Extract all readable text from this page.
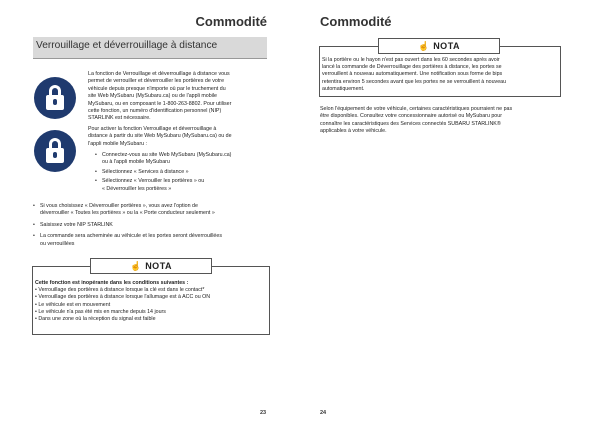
Commodité
Verrouillage et déverrouillage à distance
La fonction de Verrouillage et déverrouillage à distance vous
permet de verrouiller et déverrouiller les portières de votre
véhicule depuis presque n'importe où par le truchement du
site Web MySubaru (MySubaru.ca) ou de l'appli mobile
MySubaru, ou en composant le 1-800-263-8802. Pour utiliser
cette fonction, un numéro d'identification personnel (NIP)
STARLINK est nécessaire.
Pour activer la fonction Verrouillage et déverrouillage à
distance à partir du site Web MySubaru (MySubaru.ca) ou de
l'appli mobile MySubaru :
• Connectez-vous au site Web MySubaru (MySubaru.ca)
ou à l'appli mobile MySubaru
• Sélectionnez « Services à distance »
• Sélectionnez « Verrouiller les portières » ou
« Déverrouiller les portières »
• Si vous choisissez « Déverrouiller portières », vous avez l'option de
déverrouiller « Toutes les portières » ou la « Porte conducteur seulement »
• Saisissez votre NIP STARLINK
• La commande sera acheminée au véhicule et les portes seront déverrouillées
ou verrouillées
☝ NOTA
Cette fonction est inopérante dans les conditions suivantes :
• Verrouillage des portières à distance lorsque la clé est dans le contact*
• Verrouillage des portières à distance lorsque l'allumage est à ACC ou ON
• Le véhicule est en mouvement
• Le véhicule n'a pas été mis en marche depuis 14 jours
• Dans une zone où la réception du signal est faible
23
Commodité
☝ NOTA
Si la portière ou le hayon n'est pas ouvert dans les 60 secondes après avoir
lancé la commande de Déverrouillage des portières à distance, les portes se
verrouillent à nouveau automatiquement. Une notification sous forme de bips
retentira environ 5 secondes avant que les portes ne se verrouillent à nouveau
automatiquement.
Selon l'équipement de votre véhicule, certaines caractéristiques pourraient ne pas
être disponibles. Consultez votre concessionnaire autorisé ou MySubaru pour
connaître les caractéristiques des Services connectés SUBARU STARLINK®
applicables à votre véhicule.
24
